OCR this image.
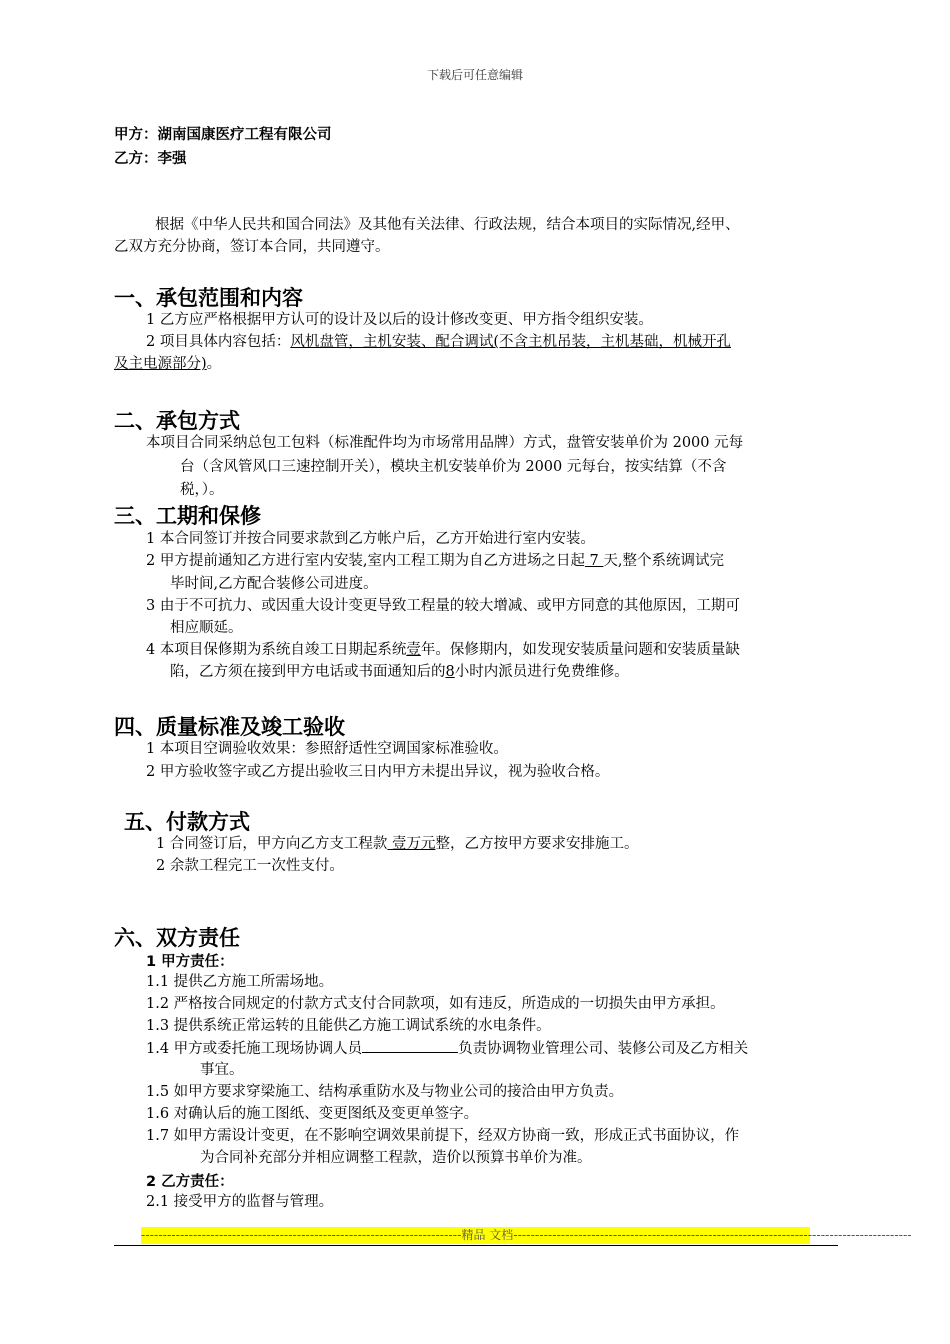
下载后可任意编辑
甲方：湖南国康医疗工程有限公司
乙方：李强
根据《中华人民共和国合同法》及其他有关法律、行政法规，结合本项目的实际情况,经甲、
乙双方充分协商，签订本合同，共同遵守。
一、承包范围和内容
1 乙方应严格根据甲方认可的设计及以后的设计修改变更、甲方指令组织安装。
2 项目具体内容包括：风机盘管，主机安装、配合调试(不含主机吊装，主机基础，机械开孔
及主电源部分)。
二、承包方式
本项目合同采纳总包工包料（标准配件均为市场常用品牌）方式，盘管安装单价为 2000 元每
台（含风管风口三速控制开关），模块主机安装单价为 2000 元每台，按实结算（不含
税，）。
三、工期和保修
1 本合同签订并按合同要求款到乙方帐户后，乙方开始进行室内安装。
2 甲方提前通知乙方进行室内安装,室内工程工期为自乙方进场之日起 7 天,整个系统调试完
毕时间,乙方配合装修公司进度。
3 由于不可抗力、或因重大设计变更导致工程量的较大增减、或甲方同意的其他原因，工期可
相应顺延。
4 本项目保修期为系统自竣工日期起系统壹年。保修期内，如发现安装质量问题和安装质量缺
陷，乙方须在接到甲方电话或书面通知后的8小时内派员进行免费维修。
四、质量标准及竣工验收
1 本项目空调验收效果：参照舒适性空调国家标准验收。
2 甲方验收签字或乙方提出验收三日内甲方未提出异议，视为验收合格。
五、付款方式
1 合同签订后，甲方向乙方支工程款 壹万元整，乙方按甲方要求安排施工。
2 余款工程完工一次性支付。
六、双方责任
1 甲方责任：
1.1 提供乙方施工所需场地。
1.2 严格按合同规定的付款方式支付合同款项，如有违反，所造成的一切损失由甲方承担。
1.3 提供系统正常运转的且能供乙方施工调试系统的水电条件。
1.4 甲方或委托施工现场协调人员	负责协调物业管理公司、装修公司及乙方相关
事宜。
1.5 如甲方要求穿梁施工、结构承重防水及与物业公司的接洽由甲方负责。
1.6 对确认后的施工图纸、变更图纸及变更单签字。
1.7 如甲方需设计变更，在不影响空调效果前提下，经双方协商一致，形成正式书面协议，作
为合同补充部分并相应调整工程款，造价以预算书单价为准。
2 乙方责任：
2.1 接受甲方的监督与管理。
--------------------------------------------------------------------------精品 文档--------------------------------------------------------------------------------------------
